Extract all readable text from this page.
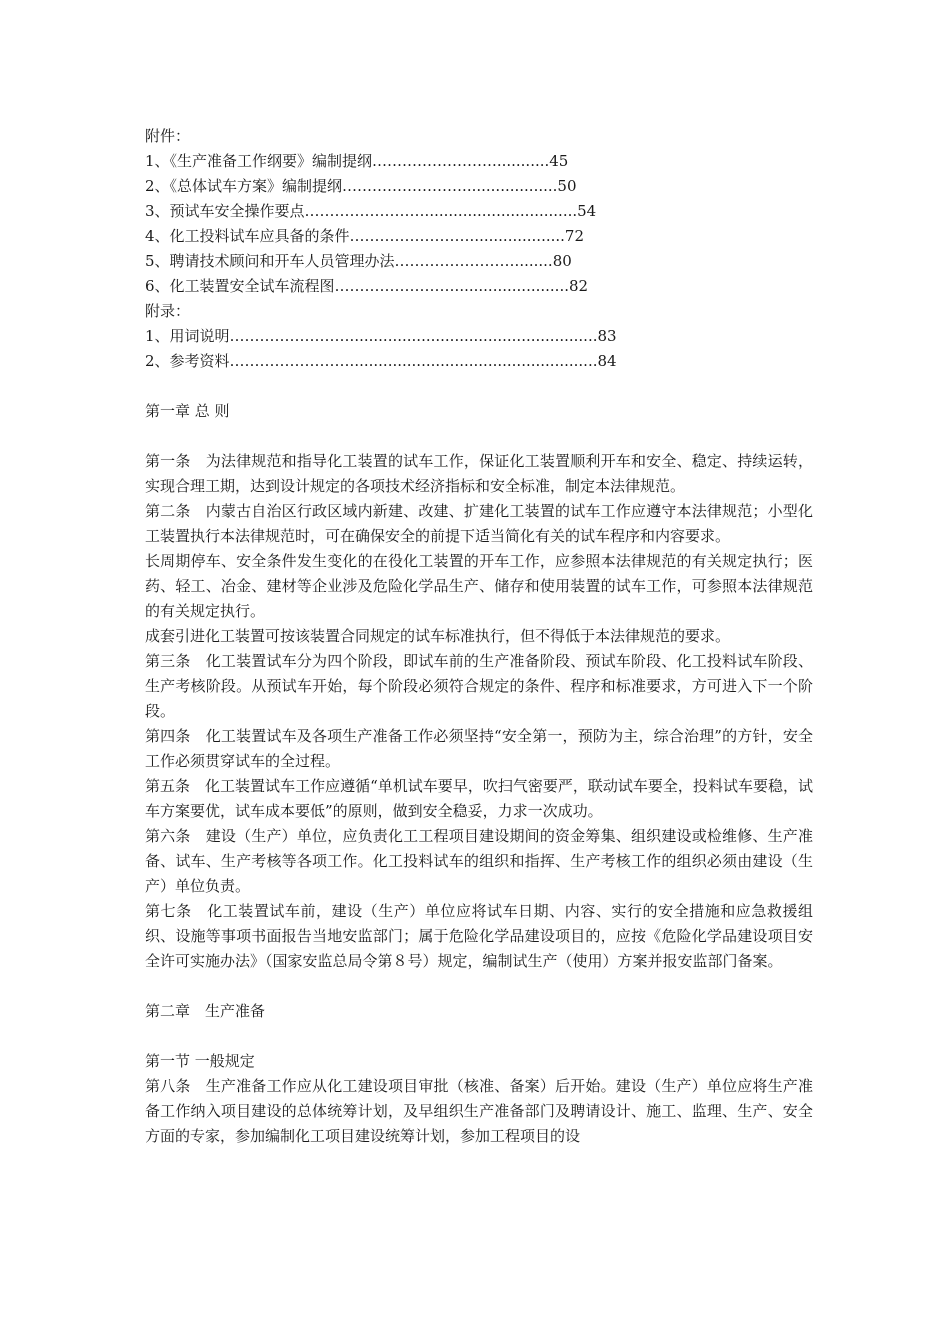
附件：
1、《生产准备工作纲要》编制提纲……………………............45
2、《总体试车方案》编制提纲……………………....................50
3、预试车安全操作要点……………………................................54
4、化工投料试车应具备的条件……………………....................72
5、聘请技术顾问和开车人员管理办法……………………........80
6、化工装置安全试车流程图……………………........................82
附录：
1、用词说明……………………....................................................83
2、参考资料……………………....................................................84
第一章 总 则

第一条　为法律规范和指导化工装置的试车工作，保证化工装置顺利开车和安全、稳定、持续运转，实现合理工期，达到设计规定的各项技术经济指标和安全标准，制定本法律规范。

第二条　内蒙古自治区行政区域内新建、改建、扩建化工装置的试车工作应遵守本法律规范；小型化工装置执行本法律规范时，可在确保安全的前提下适当简化有关的试车程序和内容要求。

长周期停车、安全条件发生变化的在役化工装置的开车工作，应参照本法律规范的有关规定执行；医药、轻工、冶金、建材等企业涉及危险化学品生产、储存和使用装置的试车工作，可参照本法律规范的有关规定执行。

成套引进化工装置可按该装置合同规定的试车标准执行，但不得低于本法律规范的要求。

第三条　化工装置试车分为四个阶段，即试车前的生产准备阶段、预试车阶段、化工投料试车阶段、生产考核阶段。从预试车开始，每个阶段必须符合规定的条件、程序和标准要求，方可进入下一个阶段。

第四条　化工装置试车及各项生产准备工作必须坚持“安全第一，预防为主，综合治理”的方针，安全工作必须贯穿试车的全过程。

第五条　化工装置试车工作应遵循“单机试车要早，吹扫气密要严，联动试车要全，投料试车要稳，试车方案要优，试车成本要低”的原则，做到安全稳妥，力求一次成功。

第六条　建设（生产）单位，应负责化工工程项目建设期间的资金筹集、组织建设或检维修、生产准备、试车、生产考核等各项工作。化工投料试车的组织和指挥、生产考核工作的组织必须由建设（生产）单位负责。

第七条　化工装置试车前，建设（生产）单位应将试车日期、内容、实行的安全措施和应急救援组织、设施等事项书面报告当地安监部门；属于危险化学品建设项目的，应按《危险化学品建设项目安全许可实施办法》（国家安监总局令第８号）规定，编制试生产（使用）方案并报安监部门备案。

第二章　生产准备
第一节 一般规定

第八条　生产准备工作应从化工建设项目审批（核准、备案）后开始。建设（生产）单位应将生产准备工作纳入项目建设的总体统筹计划，及早组织生产准备部门及聘请设计、施工、监理、生产、安全方面的专家，参加编制化工项目建设统筹计划，参加工程项目的设
